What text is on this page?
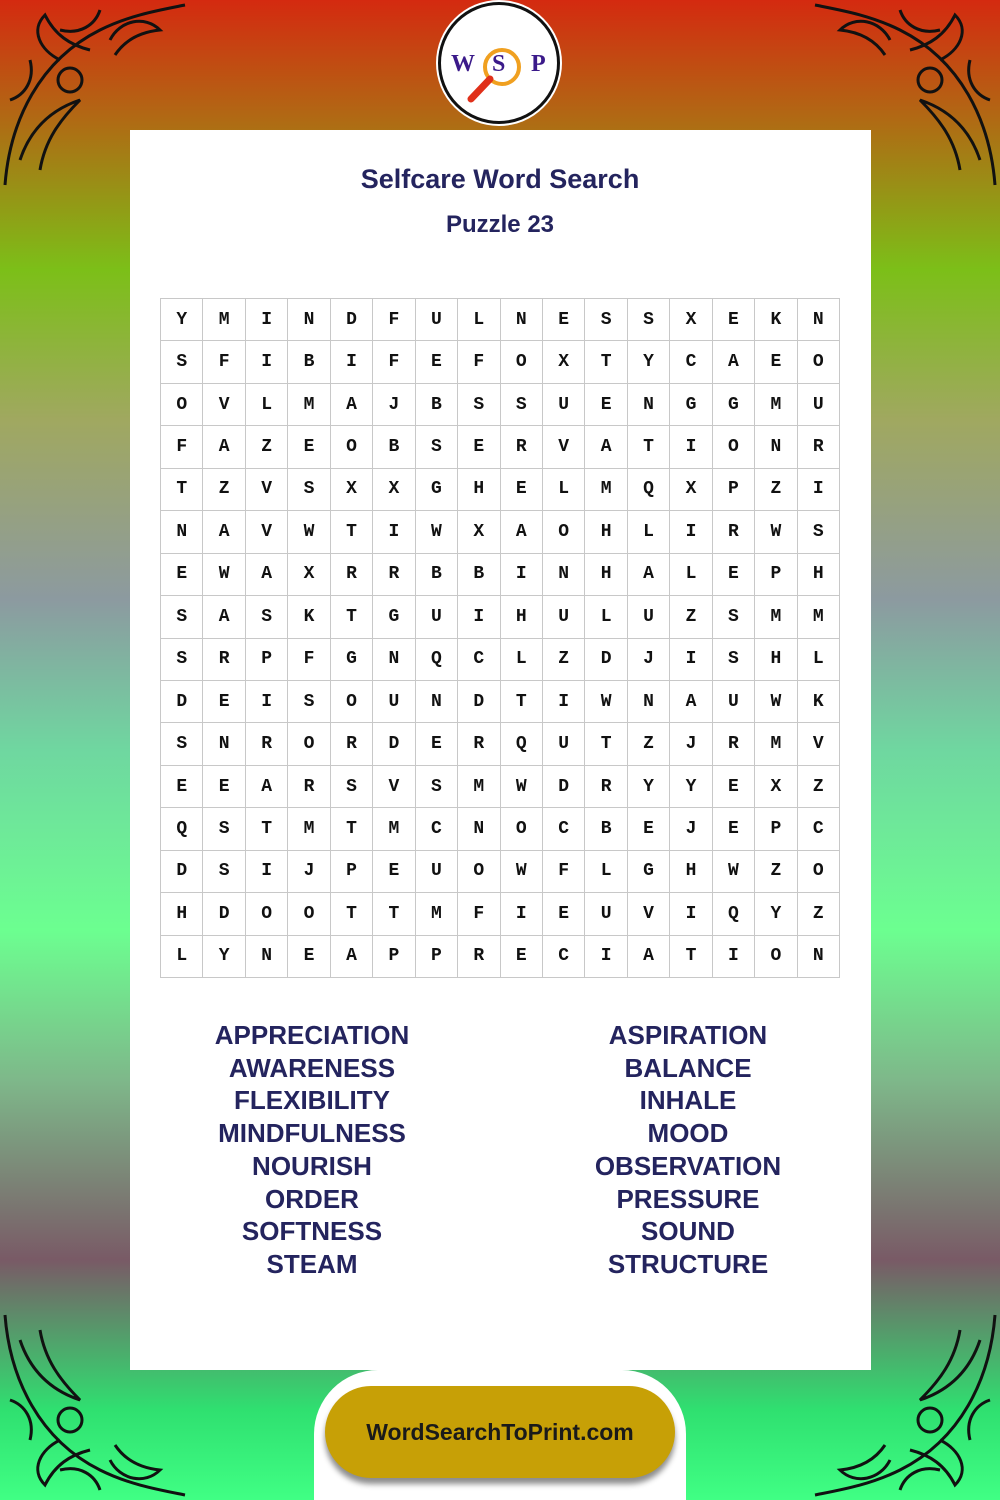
W S P
Selfcare Word Search
Puzzle 23
Y	M	I	N	D	F	U	L	N	E	S	S	X	E	K	N
S	F	I	B	I	F	E	F	O	X	T	Y	C	A	E	O
O	V	L	M	A	J	B	S	S	U	E	N	G	G	M	U
F	A	Z	E	O	B	S	E	R	V	A	T	I	O	N	R
T	Z	V	S	X	X	G	H	E	L	M	Q	X	P	Z	I
N	A	V	W	T	I	W	X	A	O	H	L	I	R	W	S
E	W	A	X	R	R	B	B	I	N	H	A	L	E	P	H
S	A	S	K	T	G	U	I	H	U	L	U	Z	S	M	M
S	R	P	F	G	N	Q	C	L	Z	D	J	I	S	H	L
D	E	I	S	O	U	N	D	T	I	W	N	A	U	W	K
S	N	R	O	R	D	E	R	Q	U	T	Z	J	R	M	V
E	E	A	R	S	V	S	M	W	D	R	Y	Y	E	X	Z
Q	S	T	M	T	M	C	N	O	C	B	E	J	E	P	C
D	S	I	J	P	E	U	O	W	F	L	G	H	W	Z	O
H	D	O	O	T	T	M	F	I	E	U	V	I	Q	Y	Z
L	Y	N	E	A	P	P	R	E	C	I	A	T	I	O	N
APPRECIATION
AWARENESS
FLEXIBILITY
MINDFULNESS
NOURISH
ORDER
SOFTNESS
STEAM
ASPIRATION
BALANCE
INHALE
MOOD
OBSERVATION
PRESSURE
SOUND
STRUCTURE
WordSearchToPrint.com
